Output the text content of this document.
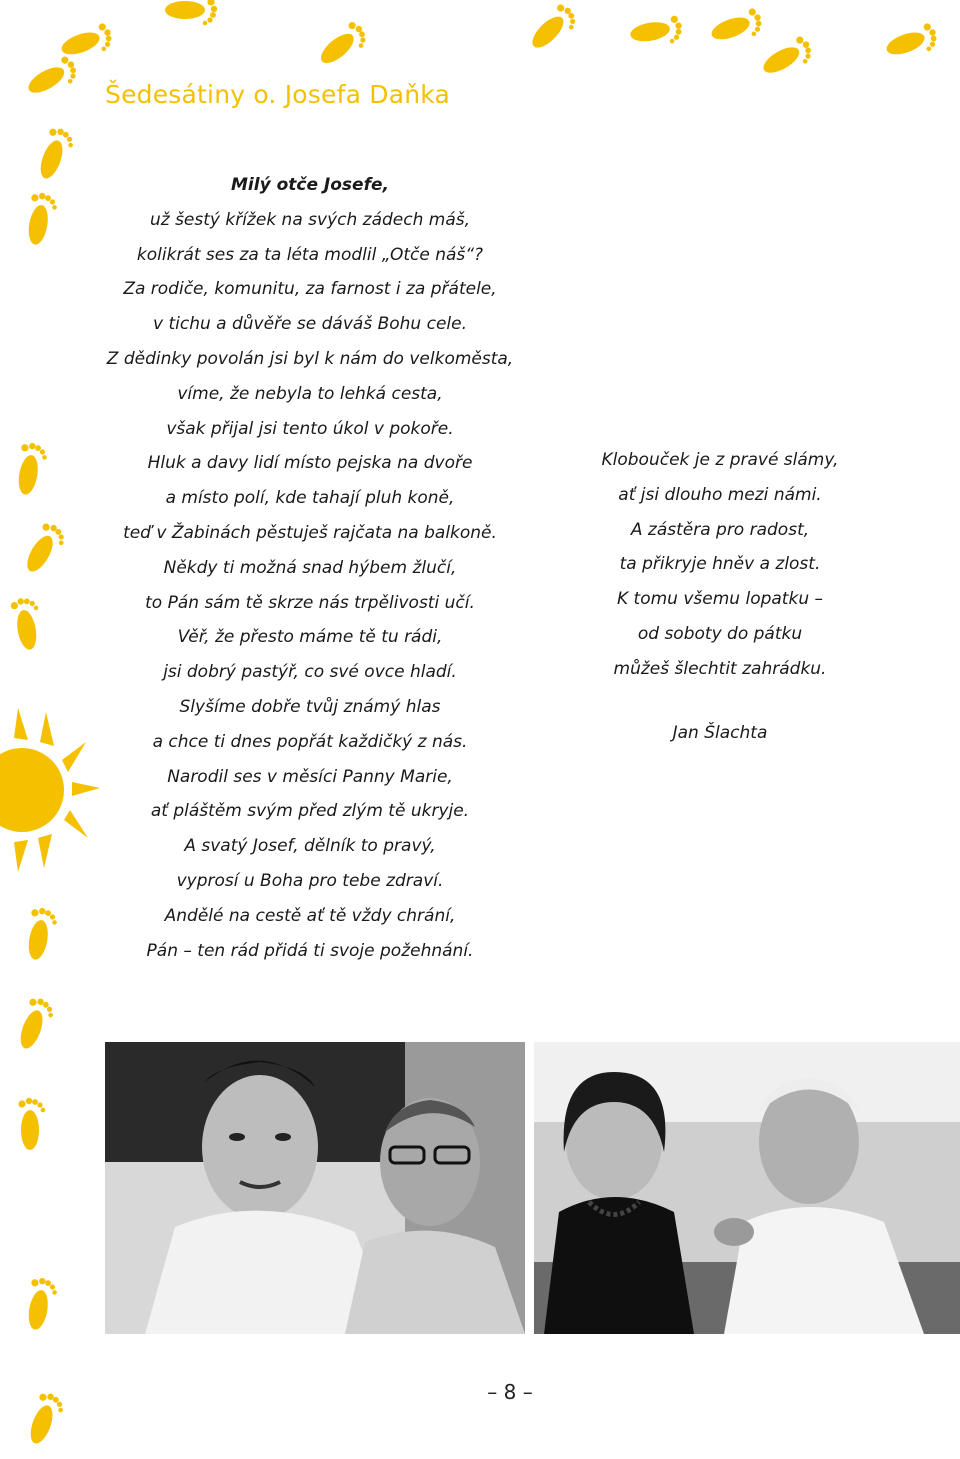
Šedesátiny o. Josefa Daňka
Milý otče Josefe,
už šestý křížek na svých zádech máš,
kolikrát ses za ta léta modlil „Otče náš“?
Za rodiče, komunitu, za farnost i za přátele,
v tichu a důvěře se dáváš Bohu cele.
Z dědinky povolán jsi byl k nám do velkoměsta,
víme, že nebyla to lehká cesta,
však přijal jsi tento úkol v pokoře.
Hluk a davy lidí místo pejska na dvoře
a místo polí, kde tahají pluh koně,
teď v Žabinách pěstuješ rajčata na balkoně.
Někdy ti možná snad hýbem žlučí,
to Pán sám tě skrze nás trpělivosti učí.
Věř, že přesto máme tě tu rádi,
jsi dobrý pastýř, co své ovce hladí.
Slyšíme dobře tvůj známý hlas
a chce ti dnes popřát každičký z nás.
Narodil ses v měsíci Panny Marie,
ať pláštěm svým před zlým tě ukryje.
A svatý Josef, dělník to pravý,
vyprosí u Boha pro tebe zdraví.
Andělé na cestě ať tě vždy chrání,
Pán – ten rád přidá ti svoje požehnání.
Klobouček je z pravé slámy,
ať jsi dlouho mezi námi.
A zástěra pro radost,
ta přikryje hněv a zlost.
K tomu všemu lopatku –
od soboty do pátku
můžeš šlechtit zahrádku.
Jan Šlachta
– 8 –
